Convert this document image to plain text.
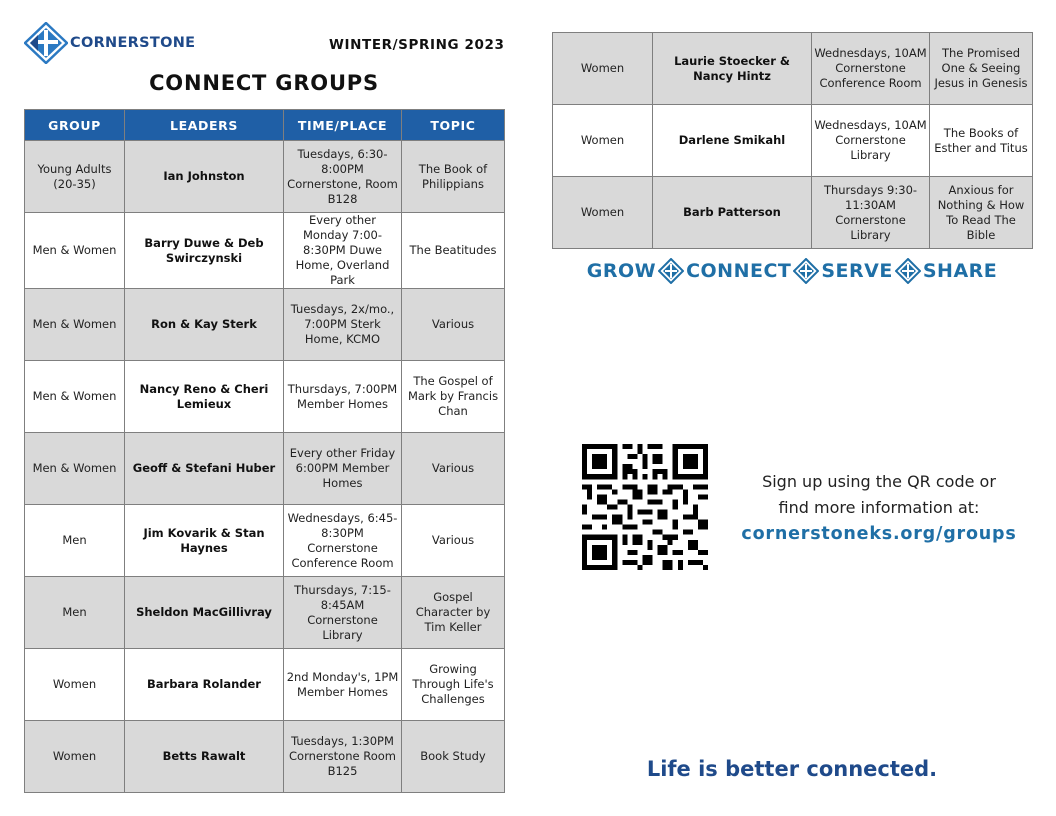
CORNERSTONE	WINTER/SPRING 2023
CONNECT GROUPS
GROUP	LEADERS	TIME/PLACE	TOPIC
Young Adults (20-35)	Ian Johnston	Tuesdays, 6:30-8:00PM Cornerstone, Room B128	The Book of Philippians
Men & Women	Barry Duwe & Deb Swirczynski	Every other Monday 7:00-8:30PM Duwe Home, Overland Park	The Beatitudes
Men & Women	Ron & Kay Sterk	Tuesdays, 2x/mo., 7:00PM Sterk Home, KCMO	Various
Men & Women	Nancy Reno & Cheri Lemieux	Thursdays, 7:00PM Member Homes	The Gospel of Mark by Francis Chan
Men & Women	Geoff & Stefani Huber	Every other Friday 6:00PM Member Homes	Various
Men	Jim Kovarik & Stan Haynes	Wednesdays, 6:45-8:30PM Cornerstone Conference Room	Various
Men	Sheldon MacGillivray	Thursdays, 7:15-8:45AM Cornerstone Library	Gospel Character by Tim Keller
Women	Barbara Rolander	2nd Monday's, 1PM Member Homes	Growing Through Life's Challenges
Women	Betts Rawalt	Tuesdays, 1:30PM Cornerstone Room B125	Book Study
Women	Laurie Stoecker & Nancy Hintz	Wednesdays, 10AM Cornerstone Conference Room	The Promised One & Seeing Jesus in Genesis
Women	Darlene Smikahl	Wednesdays, 10AM Cornerstone Library	The Books of Esther and Titus
Women	Barb Patterson	Thursdays 9:30-11:30AM Cornerstone Library	Anxious for Nothing & How To Read The Bible
GROW CONNECT SERVE SHARE
Sign up using the QR code or
find more information at:
cornerstoneks.org/groups
Life is better connected.
